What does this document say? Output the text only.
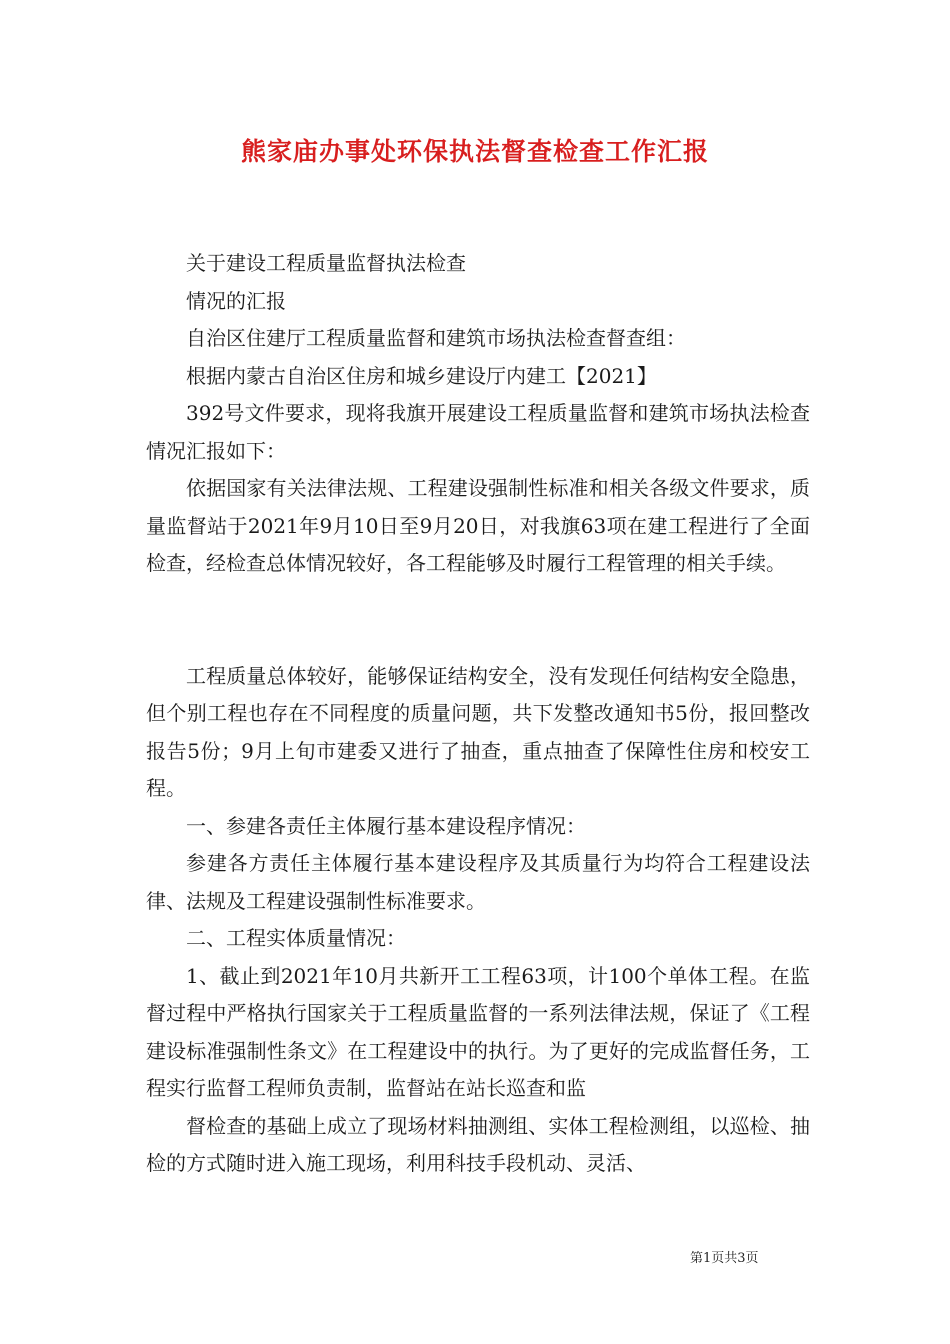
熊家庙办事处环保执法督查检查工作汇报

关于建设工程质量监督执法检查

情况的汇报

自治区住建厅工程质量监督和建筑市场执法检查督查组：

根据内蒙古自治区住房和城乡建设厅内建工【2021】

392号文件要求，现将我旗开展建设工程质量监督和建筑市场执法检查情况汇报如下：

依据国家有关法律法规、工程建设强制性标准和相关各级文件要求，质量监督站于2021年9月10日至9月20日，对我旗63项在建工程进行了全面检查，经检查总体情况较好，各工程能够及时履行工程管理的相关手续。

工程质量总体较好，能够保证结构安全，没有发现任何结构安全隐患，但个别工程也存在不同程度的质量问题，共下发整改通知书5份，报回整改报告5份；9月上旬市建委又进行了抽查，重点抽查了保障性住房和校安工程。

一、参建各责任主体履行基本建设程序情况：

参建各方责任主体履行基本建设程序及其质量行为均符合工程建设法律、法规及工程建设强制性标准要求。

二、工程实体质量情况：

1、截止到2021年10月共新开工工程63项，计100个单体工程。在监督过程中严格执行国家关于工程质量监督的一系列法律法规，保证了《工程建设标准强制性条文》在工程建设中的执行。为了更好的完成监督任务，工程实行监督工程师负责制，监督站在站长巡查和监

督检查的基础上成立了现场材料抽测组、实体工程检测组，以巡检、抽检的方式随时进入施工现场，利用科技手段机动、灵活、

第1页共3页
